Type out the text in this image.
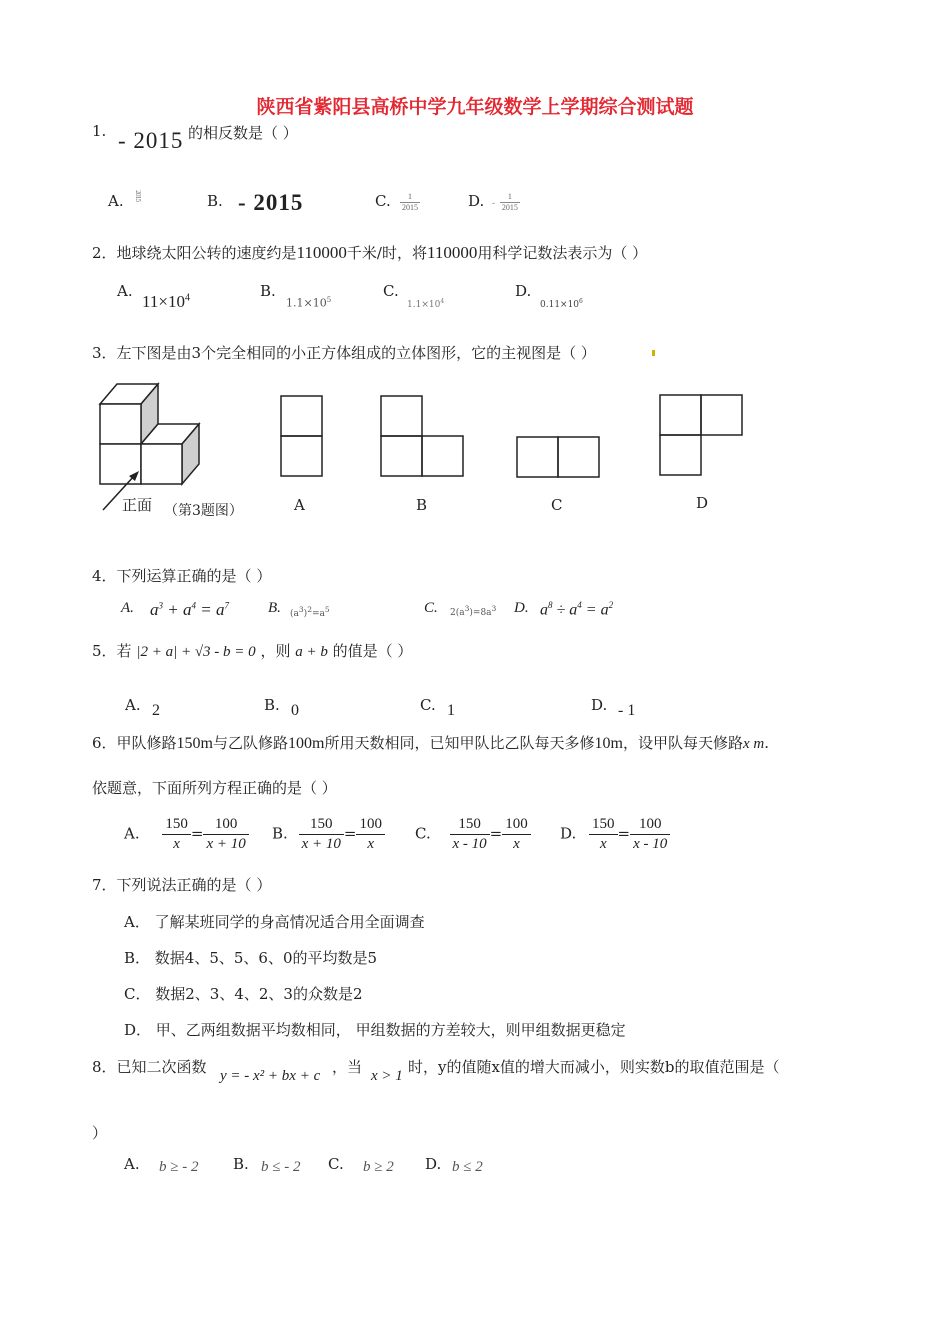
陕西省紫阳县高桥中学九年级数学上学期综合测试题
1. - 2015 的相反数是（ ）
A. 2015	B. - 2015	C. $\frac{1}{2015}$	D. - $\frac{1}{2015}$
2．地球绕太阳公转的速度约是110000千米/时，将110000用科学记数法表示为（ ）
A.
$11\times 10^4$	B.
$1.1\times 10^5$	C.
$1.1\times 10^4$
D.
$0.11\times 10^6$
3．左下图是由3个完全相同的小正方体组成的立体图形，它的主视图是（ ）
正面 （第3题图）	A	B	C	D
4．下列运算正确的是（ ）
A. $a^3 + a^4 = a^7$	B. $(a^3)^2=a^5$	C. $2(a^3)=8a^3$ D. $a^8 \div a^4 = a^2$
5．若 |2 + a| + √3 - b = 0 ，则 a + b 的值是（ ）
A. 2	B. 0	C. 1	D. - 1
6．甲队修路150m与乙队修路100m所用天数相同，已知甲队比乙队每天多修10m，设甲队每天修路x m.
依题意，下面所列方程正确的是（ ）
A. $\frac{150}{x} = \frac{100}{x + 10} B$. $\frac{150}{x + 10} = \frac{100}{x} C$. $\frac{150}{x - 10} = \frac{100}{x} D$. $\frac{150}{x} = \frac{100}{x - 10}$
7．下列说法正确的是（ ）
A． 了解某班同学的身高情况适合用全面调查
B． 数据4、5、5、6、0的平均数是5
C． 数据2、3、4、2、3的众数是2
D． 甲、乙两组数据平均数相同， 甲组数据的方差较大，则甲组数据更稳定
8．已知二次函数 y = - x² + bx + c ，当 x > 1 时，y的值随x值的增大而减小，则实数b的取值范围是（
）
A. b ≥ - 2 B. b ≤ - 2 C. b ≥ 2 D. b ≤ 2
